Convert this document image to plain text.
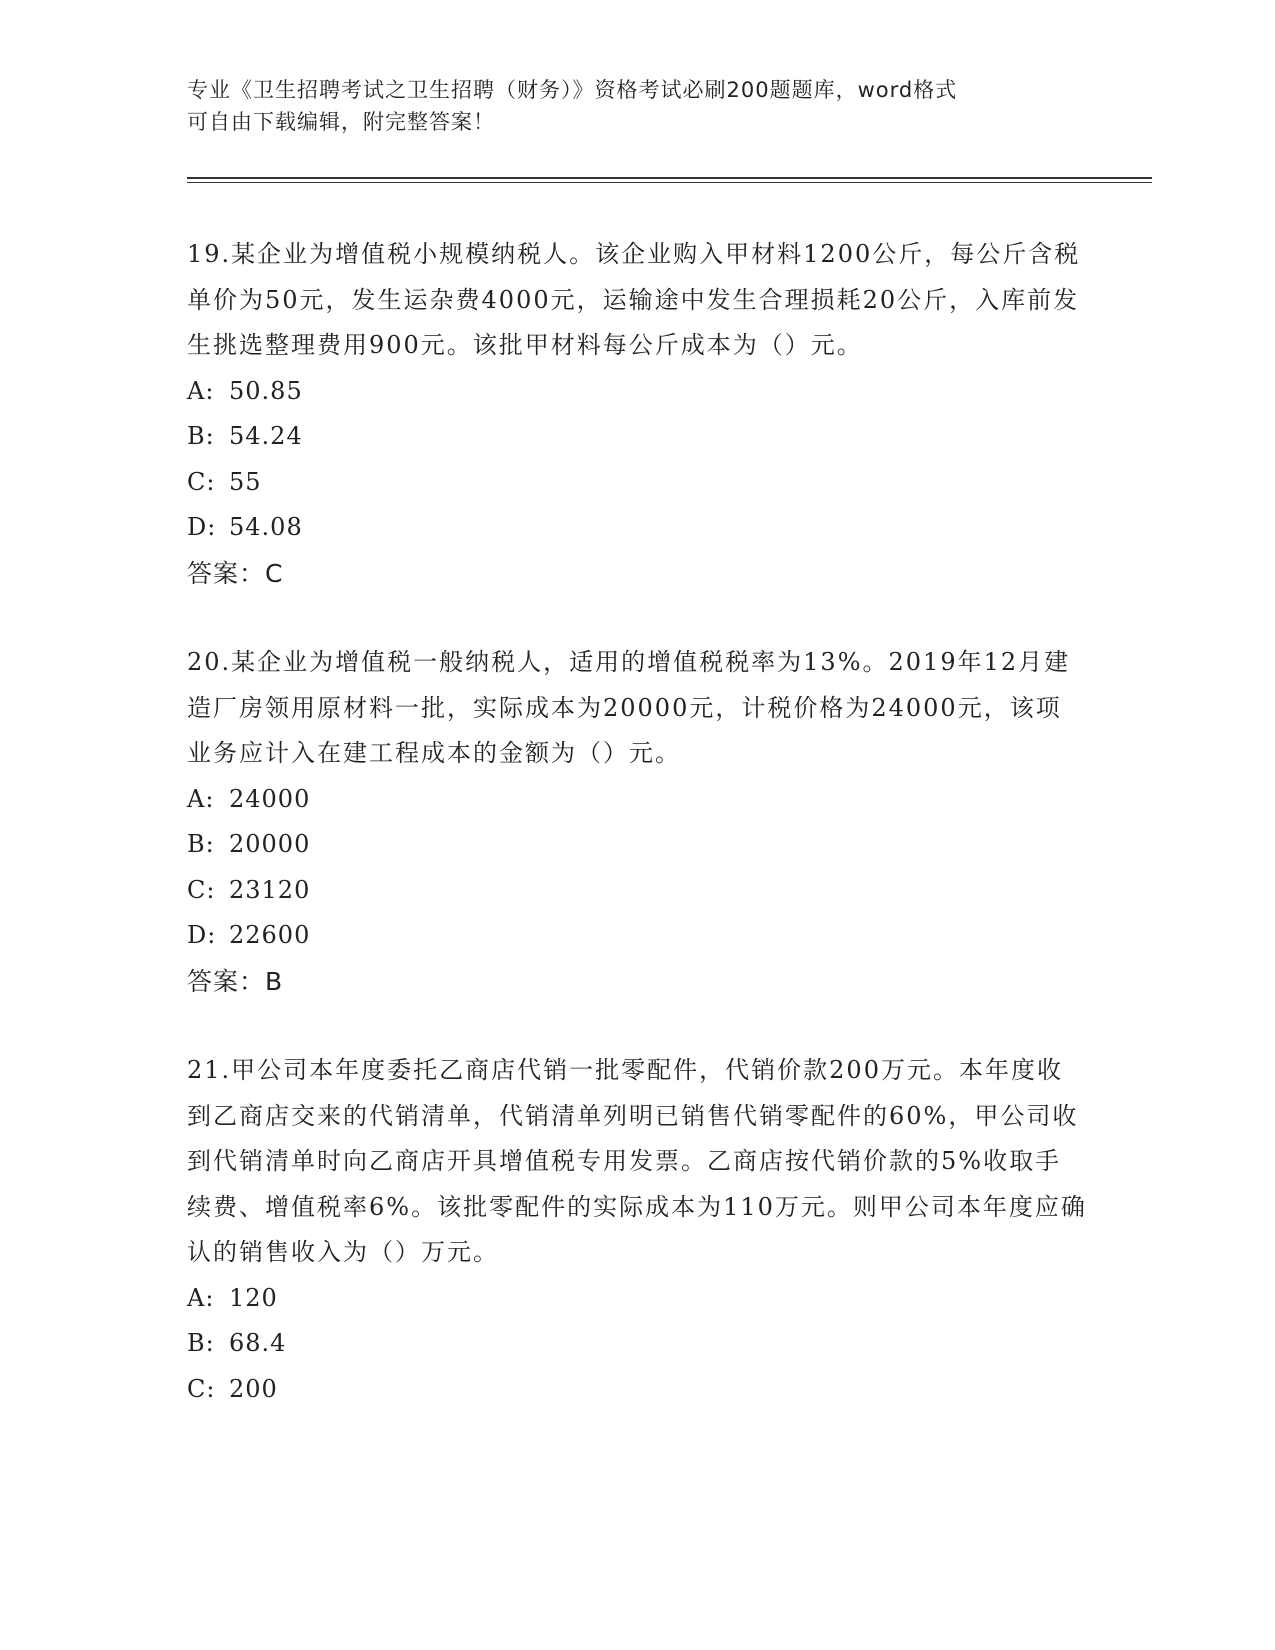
专业《卫生招聘考试之卫生招聘（财务）》资格考试必刷200题题库，word格式
可自由下载编辑，附完整答案！

19.某企业为增值税小规模纳税人。该企业购入甲材料1200公斤，每公斤含税单价为50元，发生运杂费4000元，运输途中发生合理损耗20公斤，入库前发生挑选整理费用900元。该批甲材料每公斤成本为（）元。

A: 50.85

B: 54.24

C: 55

D: 54.08

答案：C

20.某企业为增值税一般纳税人，适用的增值税税率为13%。2019年12月建造厂房领用原材料一批，实际成本为20000元，计税价格为24000元，该项业务应计入在建工程成本的金额为（）元。

A: 24000

B: 20000

C: 23120

D: 22600

答案：B

21.甲公司本年度委托乙商店代销一批零配件，代销价款200万元。本年度收到乙商店交来的代销清单，代销清单列明已销售代销零配件的60%，甲公司收到代销清单时向乙商店开具增值税专用发票。乙商店按代销价款的5%收取手续费、增值税率6%。该批零配件的实际成本为110万元。则甲公司本年度应确认的销售收入为（）万元。

A: 120

B: 68.4

C: 200
